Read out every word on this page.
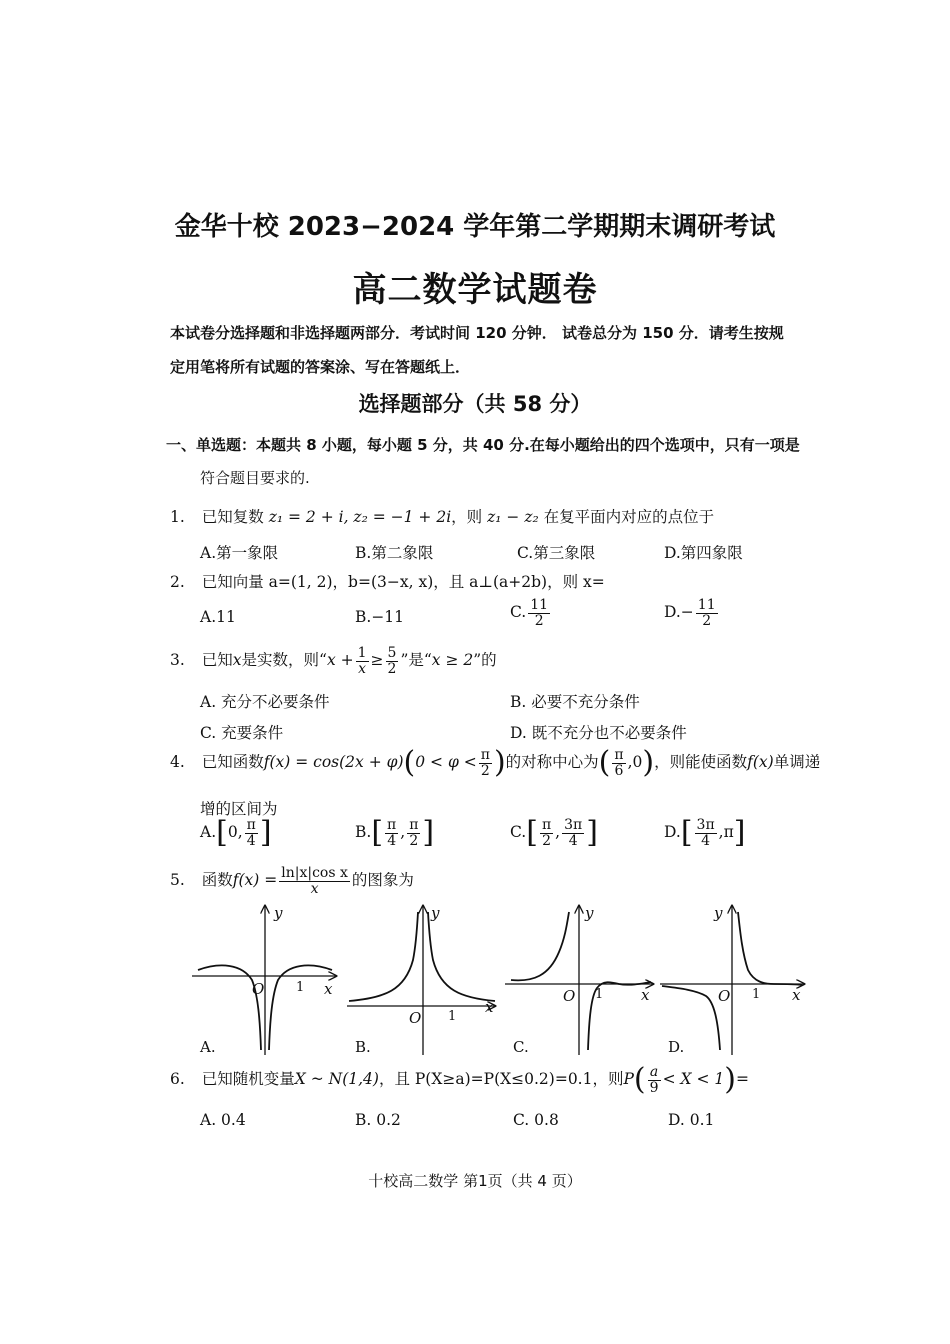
金华十校 2023−2024 学年第二学期期末调研考试
高二数学试题卷
本试卷分选择题和非选择题两部分．考试时间 120 分钟． 试卷总分为 150 分．请考生按规
定用笔将所有试题的答案涂、写在答题纸上．
选择题部分（共 58 分）
一、单选题：本题共 8 小题，每小题 5 分，共 40 分.在每小题给出的四个选项中，只有一项是
符合题目要求的.
1. 已知复数 z₁ = 2 + i, z₂ = −1 + 2i，则 z₁ − z₂ 在复平面内对应的点位于
A.第一象限	B.第二象限	C.第三象限	D.第四象限
2. 已知向量 a=(1, 2)，b=(3−x, x)，且 a⊥(a+2b)，则 x=
A.11	B.−11	C. $\frac{11}{2}$	$D.- \frac{11}{2}$
3. 已知x是实数，则“$x + \frac{1}{x} \ge \frac{5}{2}$ ”是“x ≥ 2”的
A. 充分不必要条件	B. 必要不充分条件
C. 充要条件	D. 既不充分也不必要条件
4. 已知函数$f(x) = \cos(2x + \varphi)(0 < \varphi < \frac{\pi}{2}$ )的对称中心为( $\frac{\pi}{6} ,0$)，则能使函数f(x)单调递
增的区间为
A.[0, $\frac{\pi}{4}$ ]	$B.[ \frac{\pi}{4}$ , $\frac{\pi}{2}$ ]	$C.[ \frac{\pi}{2}$ , $\frac{3\pi}{4}$ ]	$D.[ \frac{3\pi}{4} ,\pi]$
5. 函数$f(x) = \frac{\text{ln|x|cos x}}{x}$ 的图象为
y
x
O 1
A.
y
x
O 1
B.
y
x
O 1
C.
y
x
O 1
D.
6. 已知随机变量X ~ N(1,4)，且 P(X≥a)=P(X≤0.2)=0.1，则$P( \frac{a}{9} < X < 1)=$
A. 0.4	B. 0.2	C. 0.8	D. 0.1
十校高二数学 第1页（共 4 页）
